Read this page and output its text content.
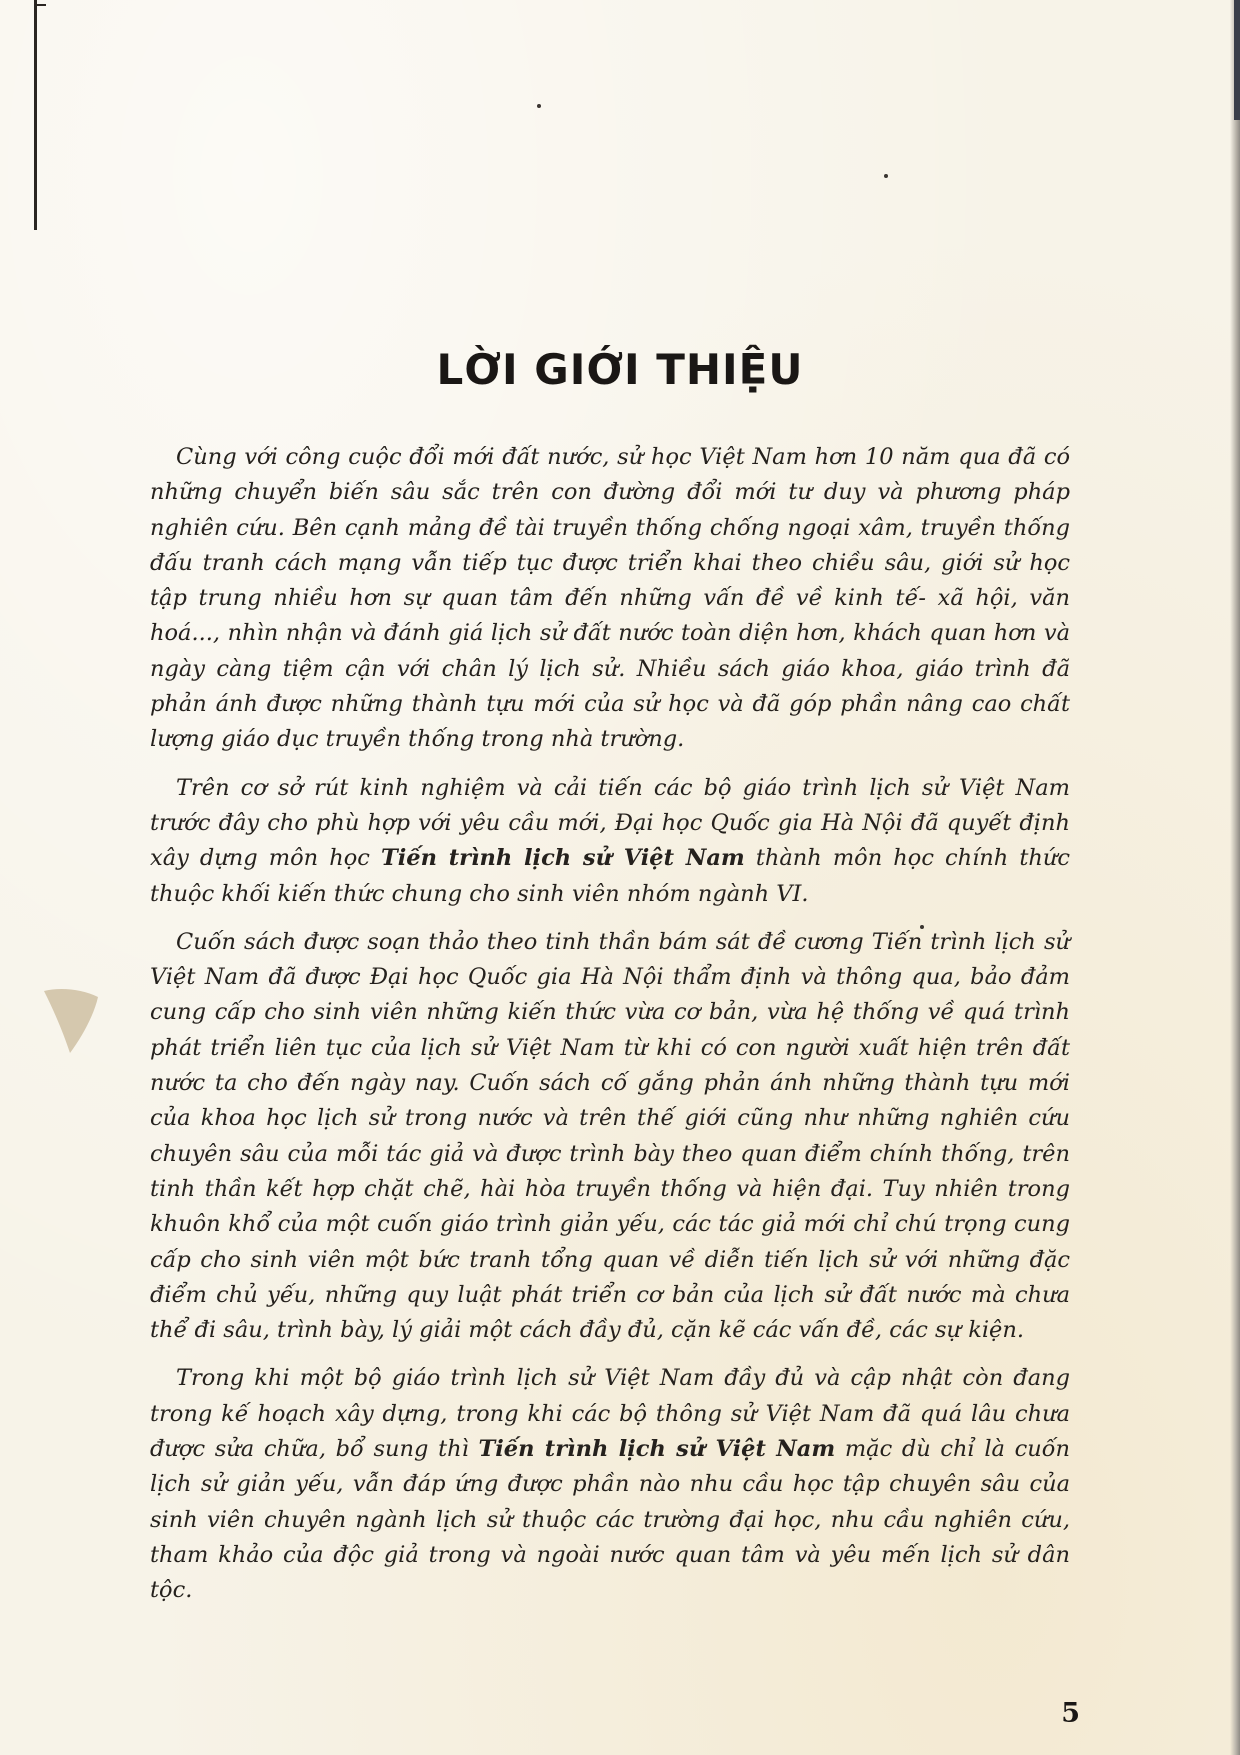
LỜI GIỚI THIỆU

Cùng với công cuộc đổi mới đất nước, sử học Việt Nam hơn 10 năm qua đã có những chuyển biến sâu sắc trên con đường đổi mới tư duy và phương pháp nghiên cứu. Bên cạnh mảng đề tài truyền thống chống ngoại xâm, truyền thống đấu tranh cách mạng vẫn tiếp tục được triển khai theo chiều sâu, giới sử học tập trung nhiều hơn sự quan tâm đến những vấn đề về kinh tế- xã hội, văn hoá..., nhìn nhận và đánh giá lịch sử đất nước toàn diện hơn, khách quan hơn và ngày càng tiệm cận với chân lý lịch sử. Nhiều sách giáo khoa, giáo trình đã phản ánh được những thành tựu mới của sử học và đã góp phần nâng cao chất lượng giáo dục truyền thống trong nhà trường.

Trên cơ sở rút kinh nghiệm và cải tiến các bộ giáo trình lịch sử Việt Nam trước đây cho phù hợp với yêu cầu mới, Đại học Quốc gia Hà Nội đã quyết định xây dựng môn học Tiến trình lịch sử Việt Nam thành môn học chính thức thuộc khối kiến thức chung cho sinh viên nhóm ngành VI.

Cuốn sách được soạn thảo theo tinh thần bám sát đề cương Tiến trình lịch sử Việt Nam đã được Đại học Quốc gia Hà Nội thẩm định và thông qua, bảo đảm cung cấp cho sinh viên những kiến thức vừa cơ bản, vừa hệ thống về quá trình phát triển liên tục của lịch sử Việt Nam từ khi có con người xuất hiện trên đất nước ta cho đến ngày nay. Cuốn sách cố gắng phản ánh những thành tựu mới của khoa học lịch sử trong nước và trên thế giới cũng như những nghiên cứu chuyên sâu của mỗi tác giả và được trình bày theo quan điểm chính thống, trên tinh thần kết hợp chặt chẽ, hài hòa truyền thống và hiện đại. Tuy nhiên trong khuôn khổ của một cuốn giáo trình giản yếu, các tác giả mới chỉ chú trọng cung cấp cho sinh viên một bức tranh tổng quan về diễn tiến lịch sử với những đặc điểm chủ yếu, những quy luật phát triển cơ bản của lịch sử đất nước mà chưa thể đi sâu, trình bày, lý giải một cách đầy đủ, cặn kẽ các vấn đề, các sự kiện.

Trong khi một bộ giáo trình lịch sử Việt Nam đầy đủ và cập nhật còn đang trong kế hoạch xây dựng, trong khi các bộ thông sử Việt Nam đã quá lâu chưa được sửa chữa, bổ sung thì Tiến trình lịch sử Việt Nam mặc dù chỉ là cuốn lịch sử giản yếu, vẫn đáp ứng được phần nào nhu cầu học tập chuyên sâu của sinh viên chuyên ngành lịch sử thuộc các trường đại học, nhu cầu nghiên cứu, tham khảo của độc giả trong và ngoài nước quan tâm và yêu mến lịch sử dân tộc.

5
